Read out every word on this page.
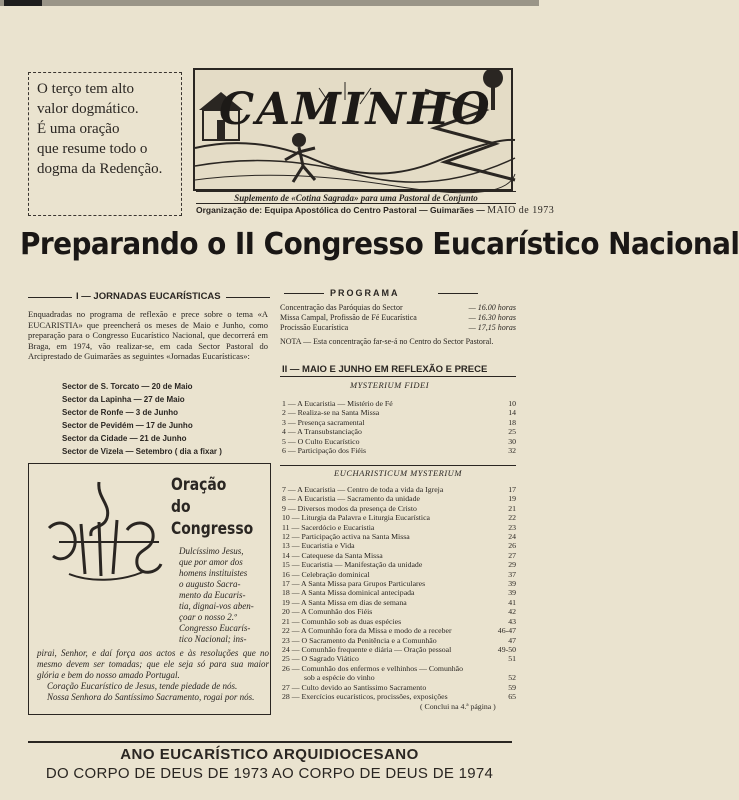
O terço tem alto
valor dogmático.
É uma oração
que resume todo o
dogma da Redenção.
CAMINHO
Suplemento de «Cotina Sagrada» para uma Pastoral de Conjunto
Organização de: Equipa Apostólica do Centro Pastoral — Guimarães — MAIO de 1973
Preparando o II Congresso Eucarístico Nacional
I — JORNADAS EUCARÍSTICAS
Enquadradas no programa de reflexão e prece sobre o tema «A EUCARISTIA» que preencherá os meses de Maio e Junho, como preparação para o Congresso Eucarístico Nacional, que decorrerá em Braga, em 1974, vão realizar-se, em cada Sector Pastoral do Arciprestado de Guimarães as seguintes «Jornadas Eucarísticas»:
Sector de S. Torcato — 20 de Maio
Sector da Lapinha — 27 de Maio
Sector de Ronfe — 3 de Junho
Sector de Pevidém — 17 de Junho
Sector da Cidade — 21 de Junho
Sector de Vizela — Setembro ( dia a fixar )
Oração
do Congresso
Dulcíssimo Jesus,
que por amor dos
homens instituistes
o augusto Sacra-
mento da Eucaris-
tia, dignai-vos aben-
çoar o nosso 2.º
Congresso Eucarís-
tico Nacional; ins-
pirai, Senhor, e daí força aos actos e às resoluções que no mesmo devem ser tomadas; que ele seja só para sua maior glória e bem do nosso amado Portugal.
Coração Eucarístico de Jesus, tende piedade de nós.
Nossa Senhora do Santíssimo Sacramento, rogai por nós.
PROGRAMA
Concentração das Paróquias do Sector	— 16.00 horas
Missa Campal, Profissão de Fé Eucarística	— 16.30 horas
Procissão Eucarística	— 17,15 horas
NOTA — Esta concentração far-se-á no Centro do Sector Pastoral.
II — MAIO E JUNHO EM REFLEXÃO E PRECE
MYSTERIUM FIDEI
1 — A Eucaristia — Mistério de Fé	10
2 — Realiza-se na Santa Missa	14
3 — Presença sacramental	18
4 — A Transubstanciação	25
5 — O Culto Eucarístico	30
6 — Participação dos Fiéis	32
EUCHARISTICUM MYSTERIUM
7 — A Eucaristia — Centro de toda a vida da Igreja	17
8 — A Eucaristia — Sacramento da unidade	19
9 — Diversos modos da presença de Cristo	21
10 — Liturgia da Palavra e Liturgia Eucarística	22
11 — Sacerdócio e Eucaristia	23
12 — Participação activa na Santa Missa	24
13 — Eucaristia e Vida	26
14 — Catequese da Santa Missa	27
15 — Eucaristia — Manifestação da unidade	29
16 — Celebração dominical	37
17 — A Santa Missa para Grupos Particulares	39
18 — A Santa Missa dominical antecipada	39
19 — A Santa Missa em dias de semana	41
20 — A Comunhão dos Fiéis	42
21 — Comunhão sob as duas espécies	43
22 — A Comunhão fora da Missa e modo de a receber	46-47
23 — O Sacramento da Penitência e a Comunhão	47
24 — Comunhão frequente e diária — Oração pessoal	49-50
25 — O Sagrado Viático	51
26 — Comunhão dos enfermos e velhinhos — Comunhão
sob a espécie do vinho	52
27 — Culto devido ao Santíssimo Sacramento	59
28 — Exercícios eucarísticos, procissões, exposições	65
( Conclui na 4.ª página )
ANO EUCARÍSTICO ARQUIDIOCESANO
DO CORPO DE DEUS DE 1973 AO CORPO DE DEUS DE 1974
